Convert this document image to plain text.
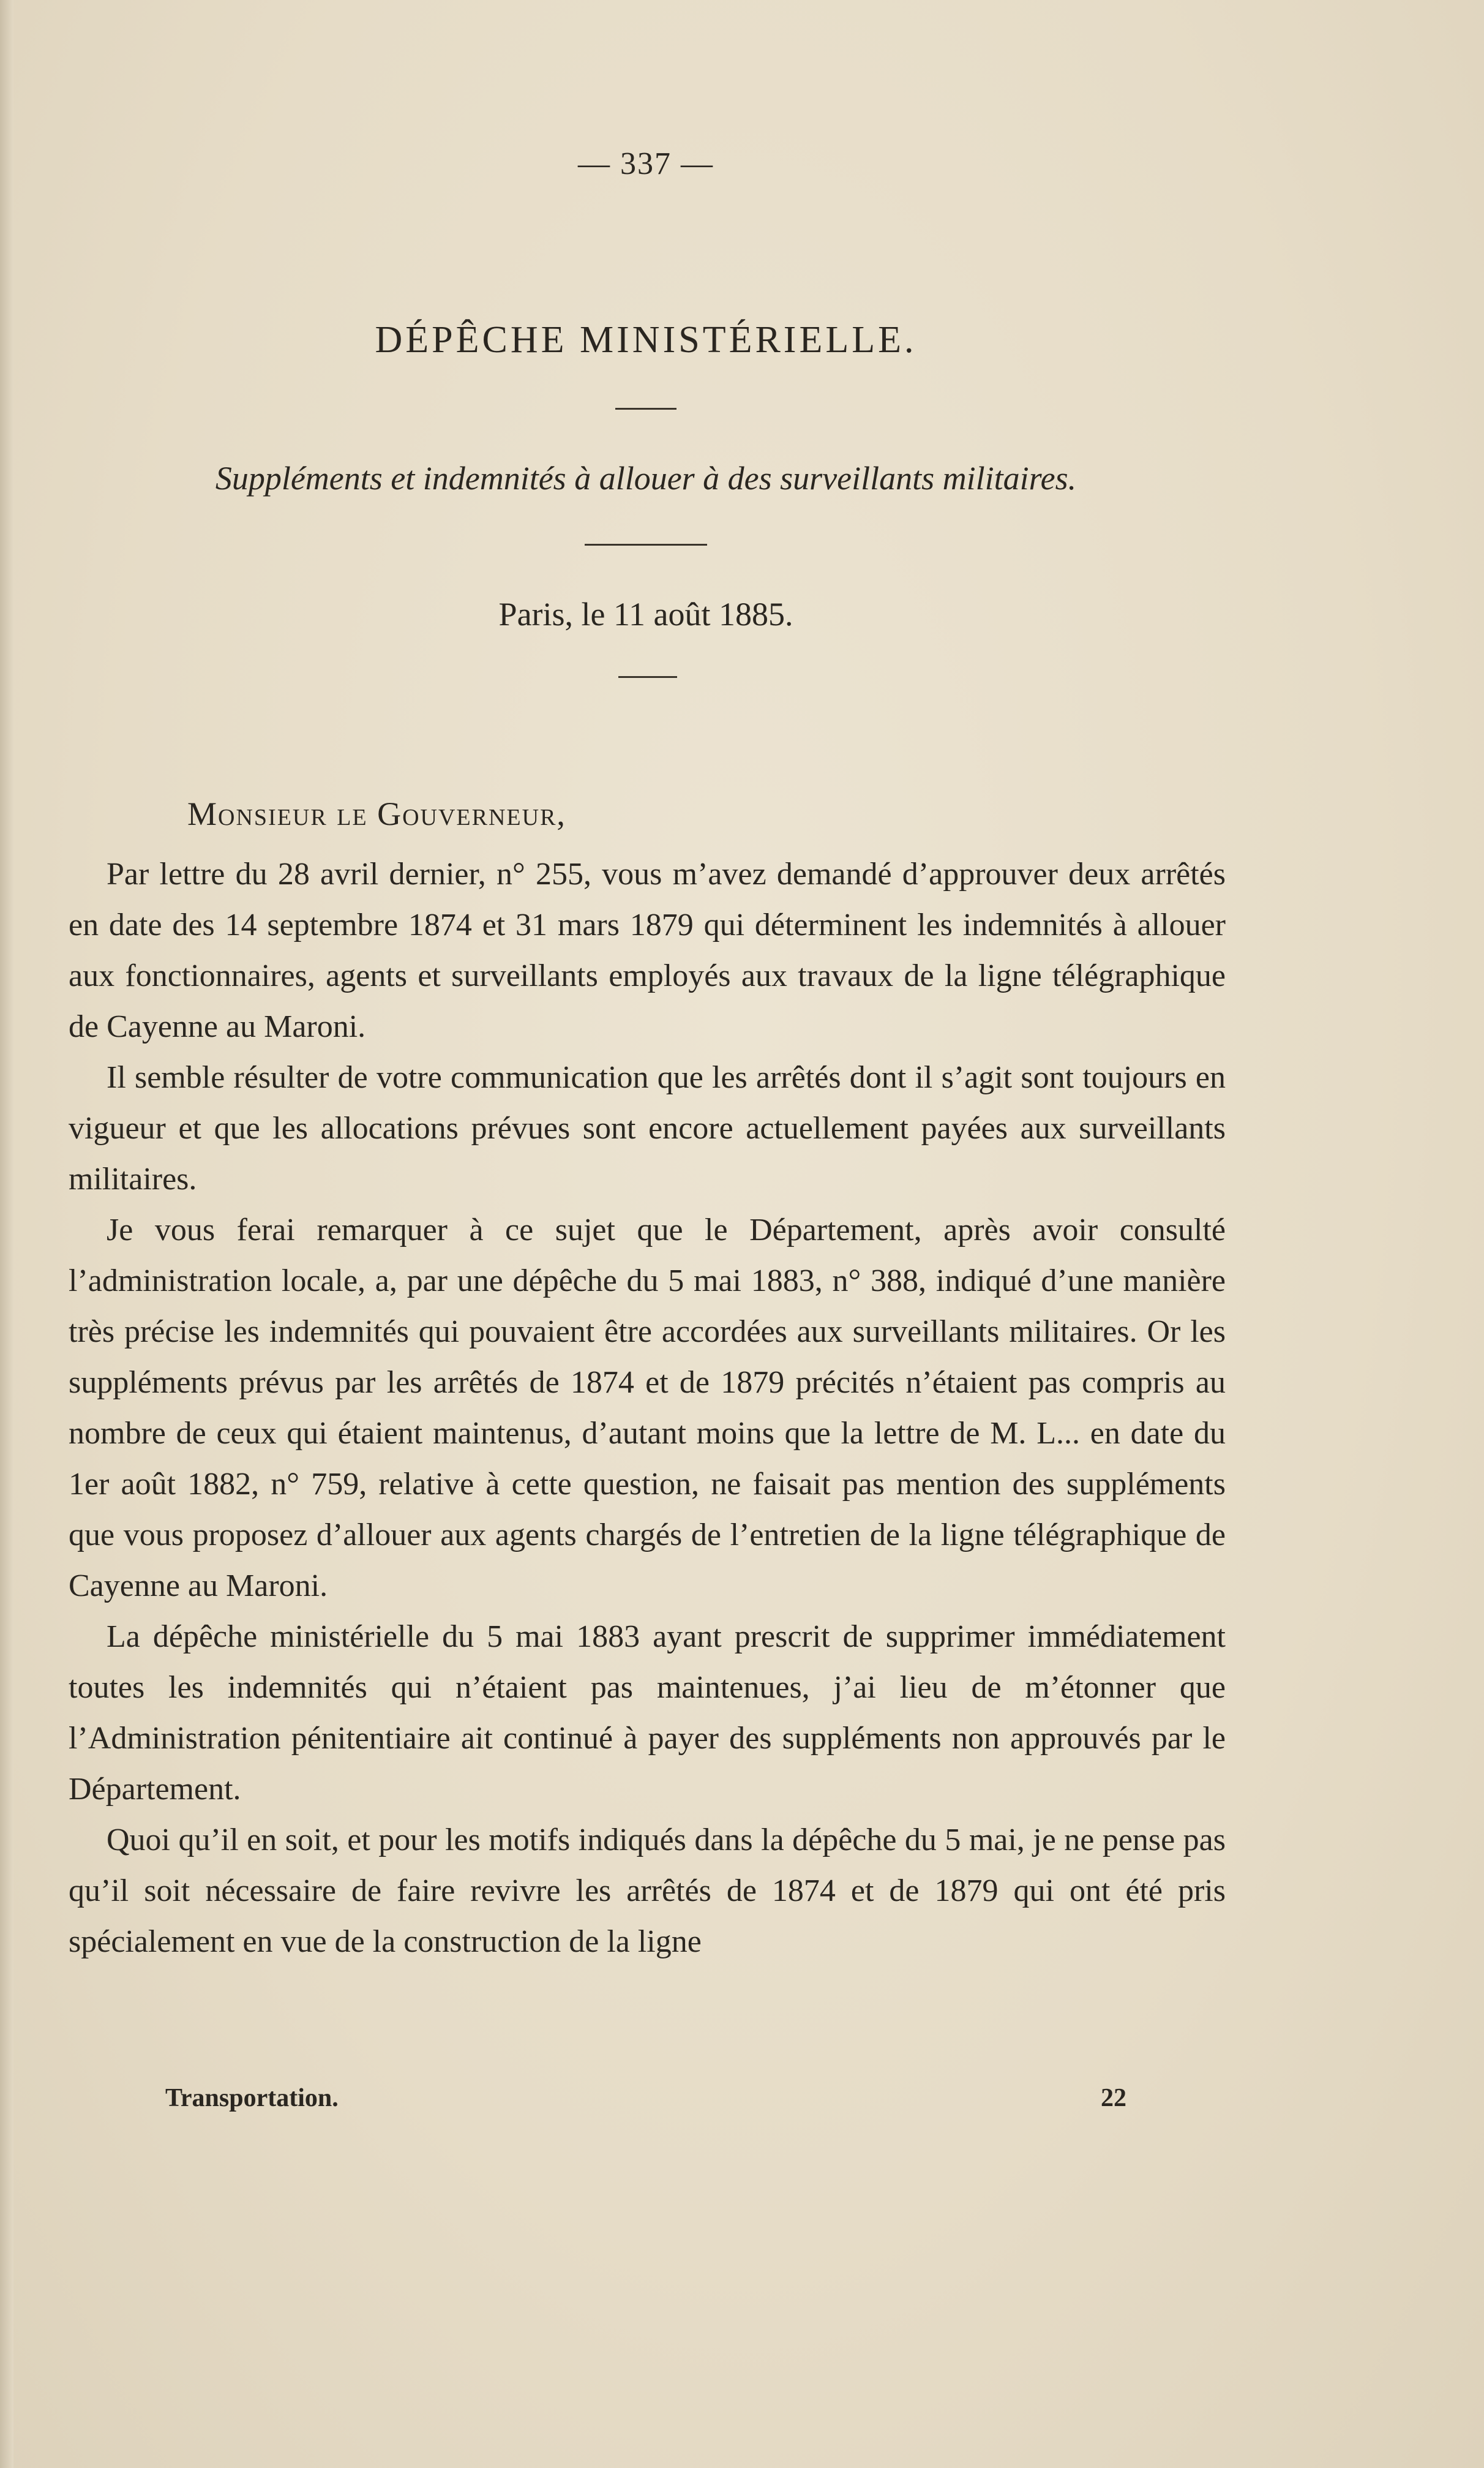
— 337 —
DÉPÊCHE MINISTÉRIELLE.
Suppléments et indemnités à allouer à des surveillants militaires.
Paris, le 11 août 1885.
Monsieur le Gouverneur,

Par lettre du 28 avril dernier, n° 255, vous m’avez demandé d’approuver deux arrêtés en date des 14 septembre 1874 et 31 mars 1879 qui déterminent les indemnités à allouer aux fonctionnaires, agents et surveillants employés aux travaux de la ligne télégraphique de Cayenne au Maroni.

Il semble résulter de votre communication que les arrêtés dont il s’agit sont toujours en vigueur et que les allocations prévues sont encore actuellement payées aux surveillants militaires.

Je vous ferai remarquer à ce sujet que le Département, après avoir consulté l’administration locale, a, par une dépêche du 5 mai 1883, n° 388, indiqué d’une manière très précise les indemnités qui pouvaient être accordées aux surveillants militaires. Or les suppléments prévus par les arrêtés de 1874 et de 1879 précités n’étaient pas compris au nombre de ceux qui étaient maintenus, d’autant moins que la lettre de M. L... en date du 1er août 1882, n° 759, relative à cette question, ne faisait pas mention des suppléments que vous proposez d’allouer aux agents chargés de l’entretien de la ligne télégraphique de Cayenne au Maroni.

La dépêche ministérielle du 5 mai 1883 ayant prescrit de supprimer immédiatement toutes les indemnités qui n’étaient pas maintenues, j’ai lieu de m’étonner que l’Administration pénitentiaire ait continué à payer des suppléments non approuvés par le Département.

Quoi qu’il en soit, et pour les motifs indiqués dans la dépêche du 5 mai, je ne pense pas qu’il soit nécessaire de faire revivre les arrêtés de 1874 et de 1879 qui ont été pris spécialement en vue de la construction de la ligne

Transportation.	22
